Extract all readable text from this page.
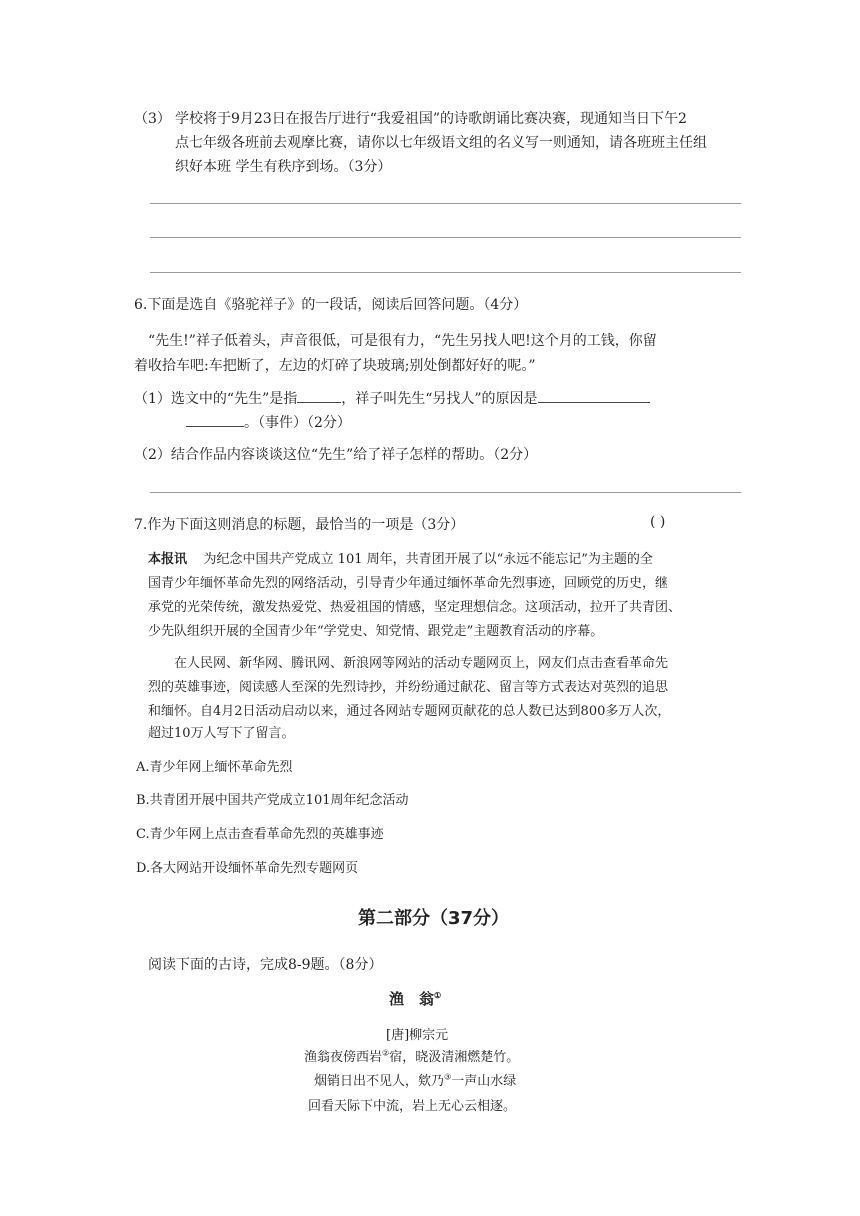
（3） 学校将于9月23日在报告厅进行“我爱祖国”的诗歌朗诵比赛决赛，现通知当日下午2
点七年级各班前去观摩比赛，请你以七年级语文组的名义写一则通知，请各班班主任组
织好本班 学生有秩序到场。（3分）
6.下面是选自《骆驼祥子》的一段话，阅读后回答问题。（4分）
“先生!”祥子低着头，声音很低，可是很有力，“先生另找人吧!这个月的工钱，你留
着收拾车吧:车把断了，左边的灯碎了块玻璃;别处倒都好好的呢。”
（1）选文中的“先生”是指	，祥子叫先生“另找人”的原因是
。（事件）（2分）
（2）结合作品内容谈谈这位“先生”给了祥子怎样的帮助。（2分）
7.作为下面这则消息的标题，最恰当的一项是（3分）	( )
本报讯 为纪念中国共产党成立 101 周年，共青团开展了以“永远不能忘记”为主题的全
国青少年缅怀革命先烈的网络活动，引导青少年通过缅怀革命先烈事迹，回顾党的历史，继
承党的光荣传统，激发热爱党、热爱祖国的情感，坚定理想信念。这项活动，拉开了共青团、
少先队组织开展的全国青少年“学党史、知党情、跟党走”主题教育活动的序幕。
在人民网、新华网、腾讯网、新浪网等网站的活动专题网页上，网友们点击查看革命先
烈的英雄事迹，阅读感人至深的先烈诗抄，并纷纷通过献花、留言等方式表达对英烈的追思
和缅怀。自4月2日活动启动以来，通过各网站专题网页献花的总人数已达到800多万人次，
超过10万人写下了留言。
A.青少年网上缅怀革命先烈
B.共青团开展中国共产党成立101周年纪念活动
C.青少年网上点击查看革命先烈的英雄事迹
D.各大网站开设缅怀革命先烈专题网页
第二部分（37分）
阅读下面的古诗，完成8-9题。（8分）
渔　翁①
[唐]柳宗元
渔翁夜傍西岩②宿，晓汲清湘燃楚竹。
烟销日出不见人，欸乃③一声山水绿
回看天际下中流，岩上无心云相逐。
